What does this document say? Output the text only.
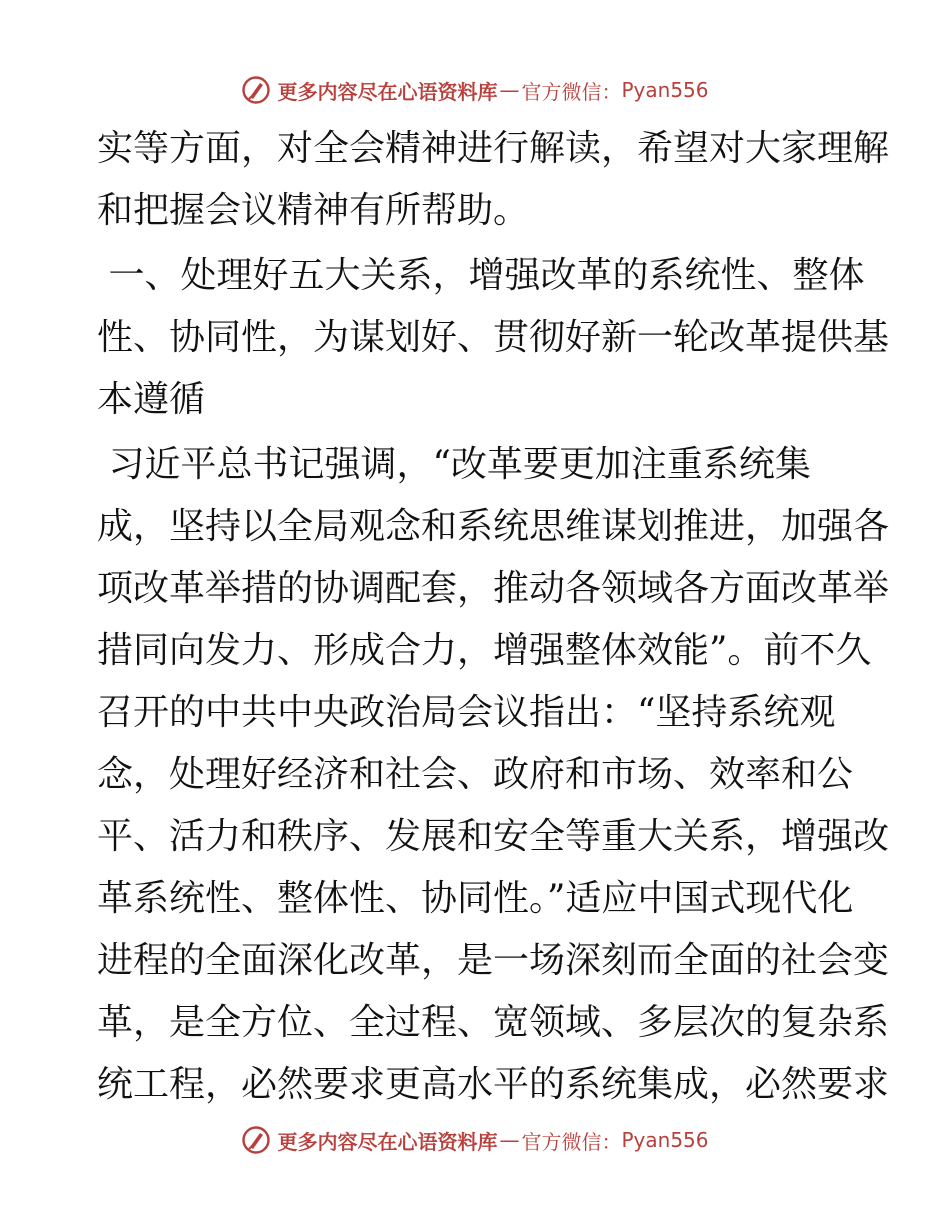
更多内容尽在心语资料库 — 官方微信： Pyan556
实等方面，对全会精神进行解读，希望对大家理解
和把握会议精神有所帮助。
一、处理好五大关系，增强改革的系统性、整体
性、协同性，为谋划好、贯彻好新一轮改革提供基
本遵循
习近平总书记强调，“改革要更加注重系统集
成，坚持以全局观念和系统思维谋划推进，加强各
项改革举措的协调配套，推动各领域各方面改革举
措同向发力、形成合力，增强整体效能”。前不久
召开的中共中央政治局会议指出：“坚持系统观
念，处理好经济和社会、政府和市场、效率和公
平、活力和秩序、发展和安全等重大关系，增强改
革系统性、整体性、协同性。”适应中国式现代化
进程的全面深化改革，是一场深刻而全面的社会变
革，是全方位、全过程、宽领域、多层次的复杂系
统工程，必然要求更高水平的系统集成，必然要求
更多内容尽在心语资料库 — 官方微信： Pyan556
